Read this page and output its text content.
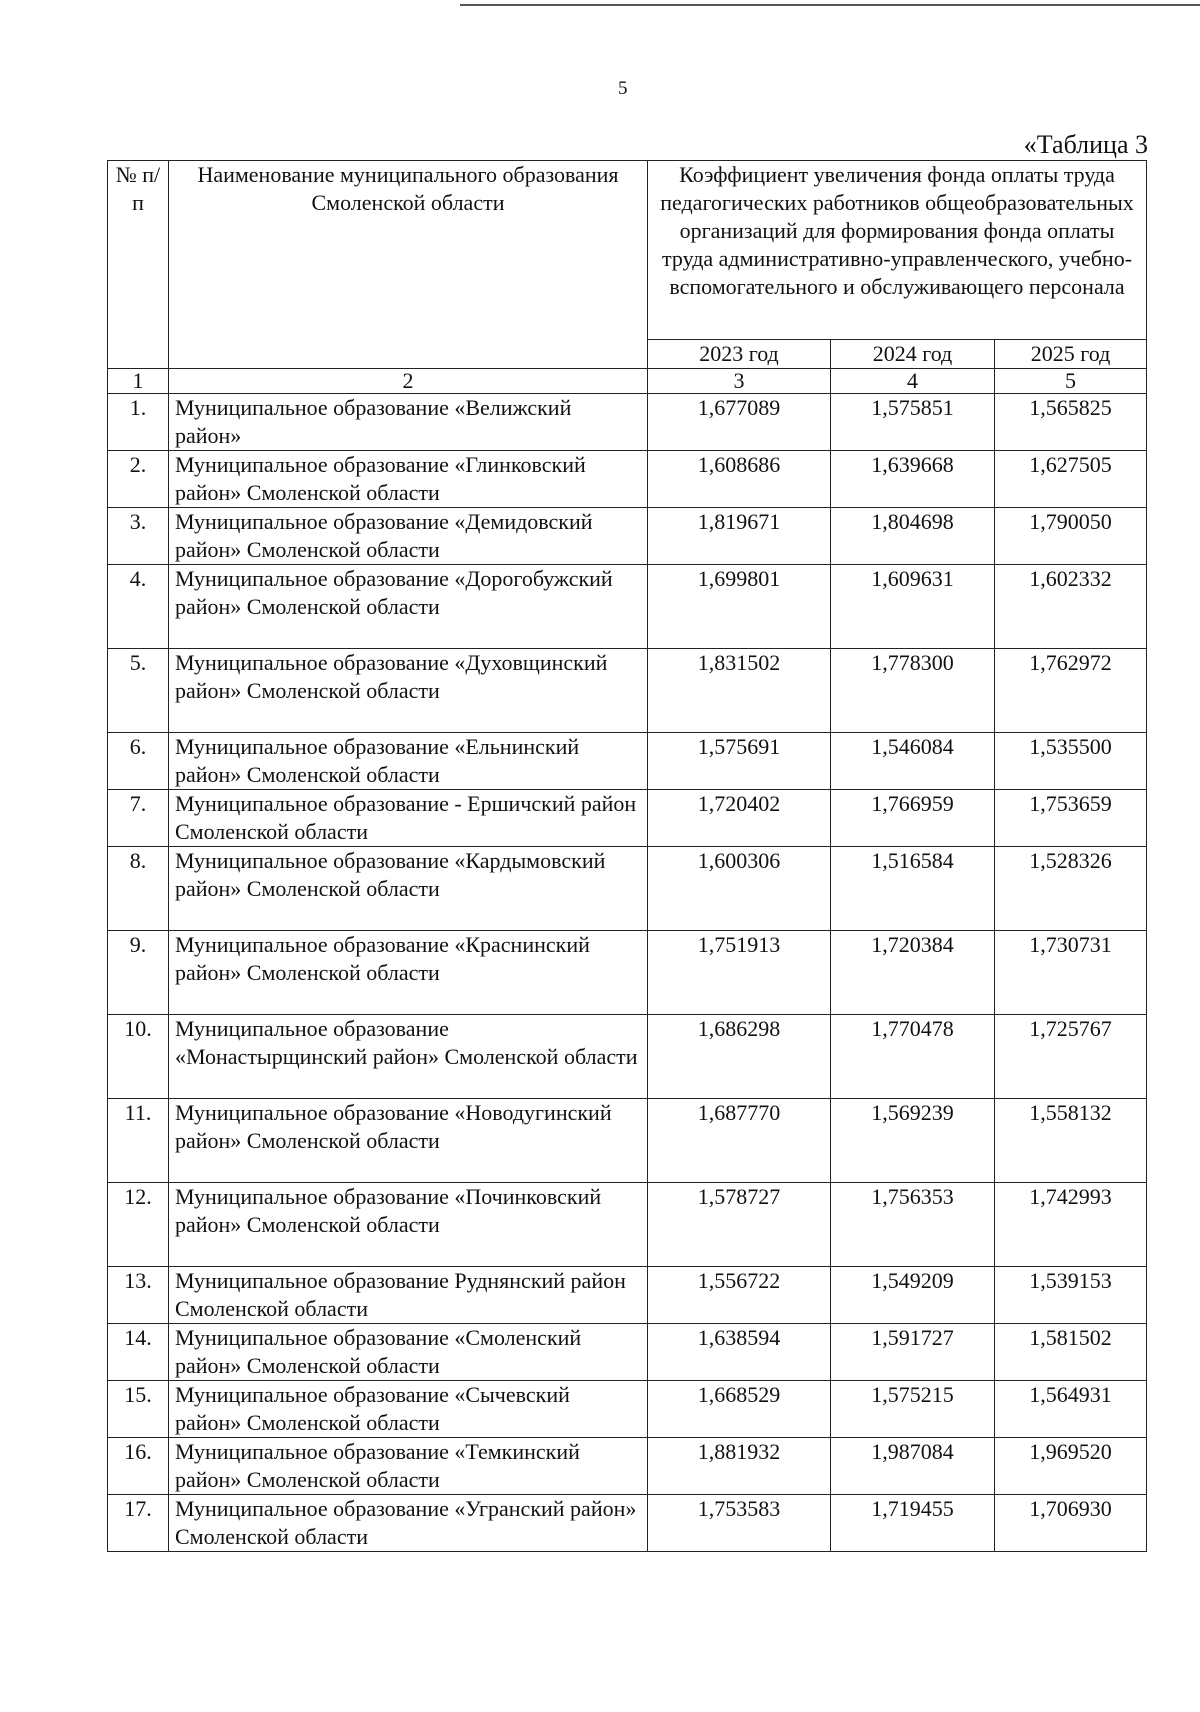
5
«Таблица 3
№ п/п	Наименование муниципального образования Смоленской области	Коэффициент увеличения фонда оплаты труда педагогических работников общеобразовательных организаций для формирования фонда оплаты труда административно-управленческого, учебно-вспомогательного и обслуживающего персонала		
		2023 год	2024 год	2025 год
1	2	3	4	5
1.	Муниципальное образование «Велижский район»	1,677089	1,575851	1,565825
2.	Муниципальное образование «Глинковский район» Смоленской области	1,608686	1,639668	1,627505
3.	Муниципальное образование «Демидовский район» Смоленской области	1,819671	1,804698	1,790050
4.	Муниципальное образование «Дорогобужский район» Смоленской области	1,699801	1,609631	1,602332
5.	Муниципальное образование «Духовщинский район» Смоленской области	1,831502	1,778300	1,762972
6.	Муниципальное образование «Ельнинский район» Смоленской области	1,575691	1,546084	1,535500
7.	Муниципальное образование - Ершичский район Смоленской области	1,720402	1,766959	1,753659
8.	Муниципальное образование «Кардымовский район» Смоленской области	1,600306	1,516584	1,528326
9.	Муниципальное образование «Краснинский район» Смоленской области	1,751913	1,720384	1,730731
10.	Муниципальное образование «Монастырщинский район» Смоленской области	1,686298	1,770478	1,725767
11.	Муниципальное образование «Новодугинский район» Смоленской области	1,687770	1,569239	1,558132
12.	Муниципальное образование «Починковский район» Смоленской области	1,578727	1,756353	1,742993
13.	Муниципальное образование Руднянский район Смоленской области	1,556722	1,549209	1,539153
14.	Муниципальное образование «Смоленский район» Смоленской области	1,638594	1,591727	1,581502
15.	Муниципальное образование «Сычевский район» Смоленской области	1,668529	1,575215	1,564931
16.	Муниципальное образование «Темкинский район» Смоленской области	1,881932	1,987084	1,969520
17.	Муниципальное образование «Угранский район» Смоленской области	1,753583	1,719455	1,706930
